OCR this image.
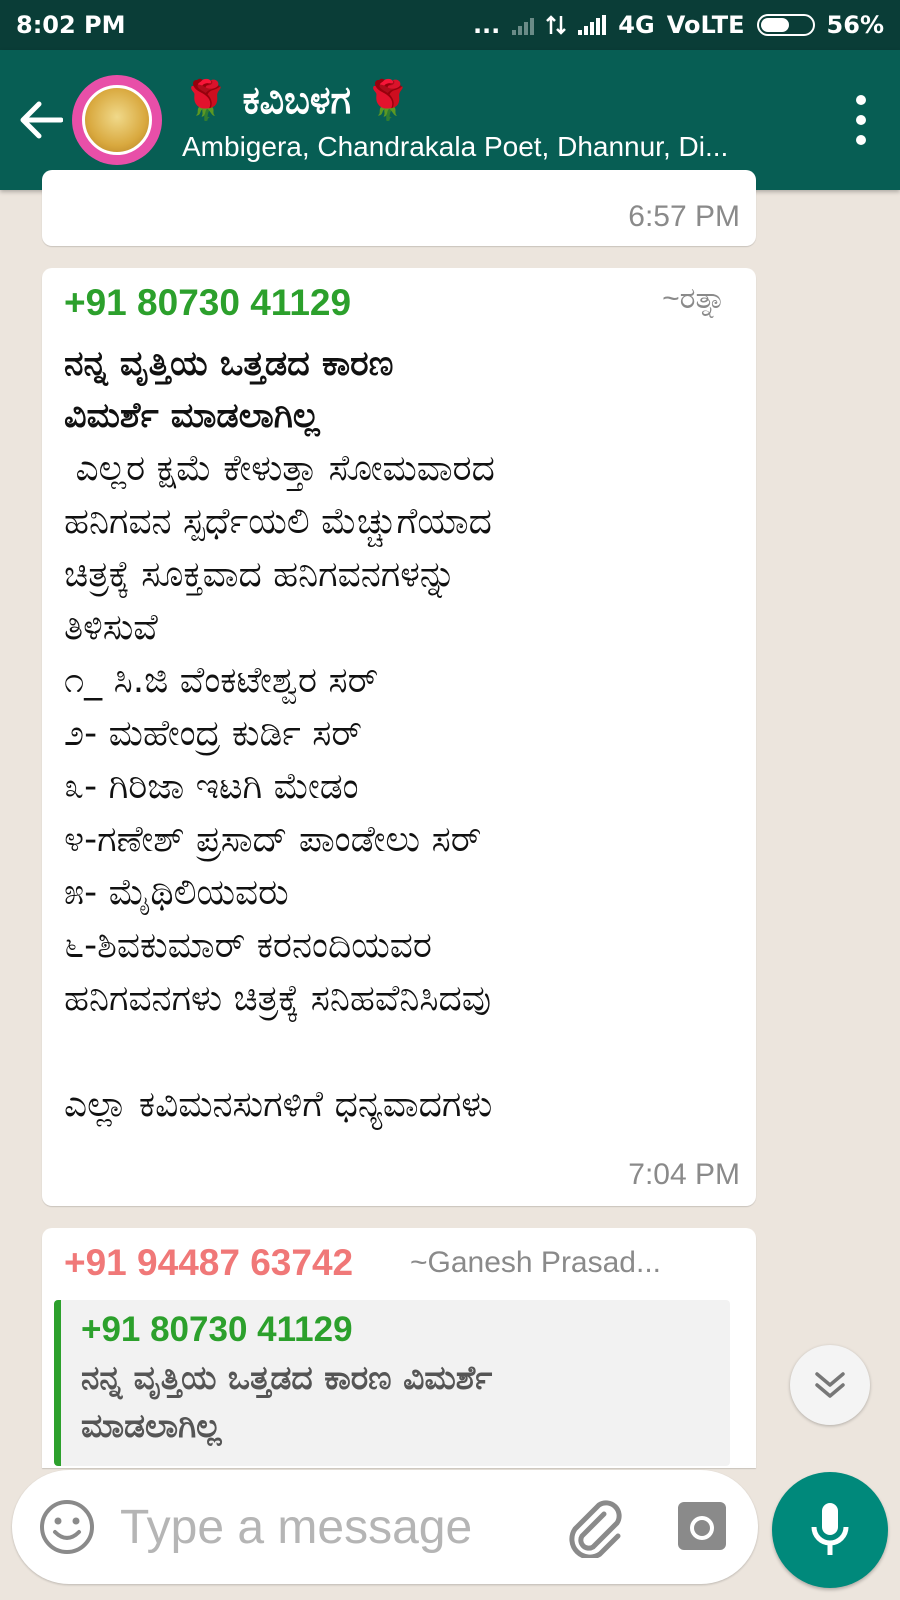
8:02 PM	...	4G VoLTE	56%
🌹 ಕವಿಬಳಗ 🌹
Ambigera, Chandrakala Poet, Dhannur, Di...
6:57 PM
+91 80730 41129	~ರತ್ನಾ
ನನ್ನ ವೃತ್ತಿಯ ಒತ್ತಡದ ಕಾರಣ
ವಿಮರ್ಶೆ ಮಾಡಲಾಗಿಲ್ಲ
ಎಲ್ಲರ ಕ್ಷಮೆ ಕೇಳುತ್ತಾ ಸೋಮವಾರದ
ಹನಿಗವನ ಸ್ಪರ್ಧೆಯಲಿ ಮೆಚ್ಚುಗೆಯಾದ
ಚಿತ್ರಕ್ಕೆ ಸೂಕ್ತವಾದ ಹನಿಗವನಗಳನ್ನು
ತಿಳಿಸುವೆ
೧_ ಸಿ.ಜಿ ವೆಂಕಟೇಶ್ವರ ಸರ್
೨- ಮಹೇಂದ್ರ ಕುರ್ಡಿ ಸರ್
೩- ಗಿರಿಜಾ ಇಟಗಿ ಮೇಡಂ
೪-ಗಣೇಶ್ ಪ್ರಸಾದ್ ಪಾಂಡೇಲು ಸರ್
೫- ಮೈಥಿಲಿಯವರು
೬-ಶಿವಕುಮಾರ್ ಕರನಂದಿಯವರ
ಹನಿಗವನಗಳು ಚಿತ್ರಕ್ಕೆ ಸನಿಹವೆನಿಸಿದವು
ಎಲ್ಲಾ ಕವಿಮನಸುಗಳಿಗೆ ಧನ್ಯವಾದಗಳು
7:04 PM
+91 94487 63742 ~Ganesh Prasad...
+91 80730 41129
ನನ್ನ ವೃತ್ತಿಯ ಒತ್ತಡದ ಕಾರಣ ವಿಮರ್ಶೆ
ಮಾಡಲಾಗಿಲ್ಲ
Type a message
